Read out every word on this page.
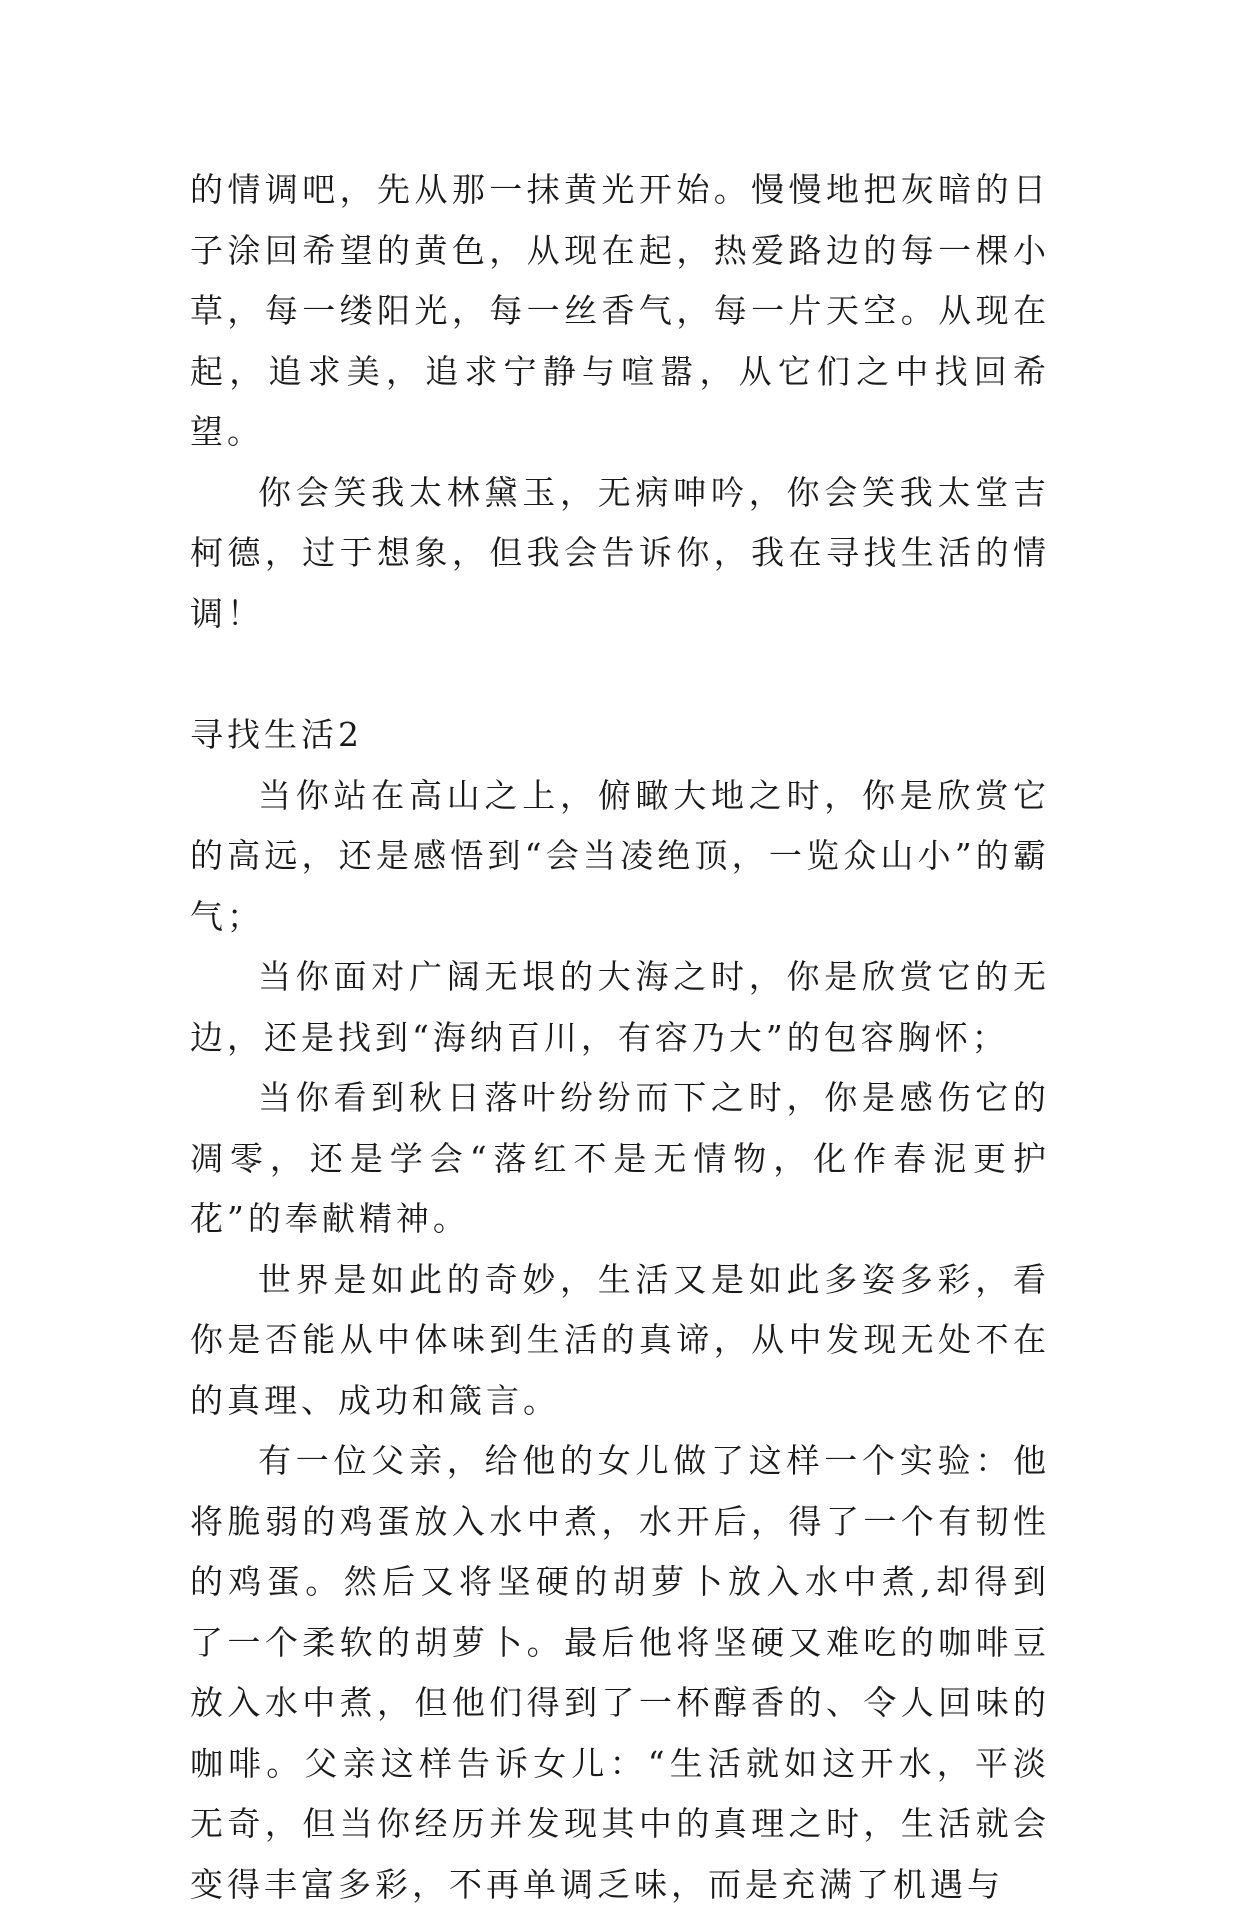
的情调吧，先从那一抹黄光开始。慢慢地把灰暗的日子涂回希望的黄色，从现在起，热爱路边的每一棵小草，每一缕阳光，每一丝香气，每一片天空。从现在起，追求美，追求宁静与喧嚣，从它们之中找回希望。

你会笑我太林黛玉，无病呻吟，你会笑我太堂吉柯德，过于想象，但我会告诉你，我在寻找生活的情调！

寻找生活2

当你站在高山之上，俯瞰大地之时，你是欣赏它的高远，还是感悟到“会当凌绝顶，一览众山小”的霸气；

当你面对广阔无垠的大海之时，你是欣赏它的无边，还是找到“海纳百川，有容乃大”的包容胸怀；

当你看到秋日落叶纷纷而下之时，你是感伤它的凋零，还是学会“落红不是无情物，化作春泥更护花”的奉献精神。

世界是如此的奇妙，生活又是如此多姿多彩，看你是否能从中体味到生活的真谛，从中发现无处不在的真理、成功和箴言。

有一位父亲，给他的女儿做了这样一个实验：他将脆弱的鸡蛋放入水中煮，水开后，得了一个有韧性的鸡蛋。然后又将坚硬的胡萝卜放入水中煮,却得到了一个柔软的胡萝卜。最后他将坚硬又难吃的咖啡豆放入水中煮，但他们得到了一杯醇香的、令人回味的咖啡。父亲这样告诉女儿：“生活就如这开水，平淡无奇，但当你经历并发现其中的真理之时，生活就会变得丰富多彩，不再单调乏味，而是充满了机遇与
